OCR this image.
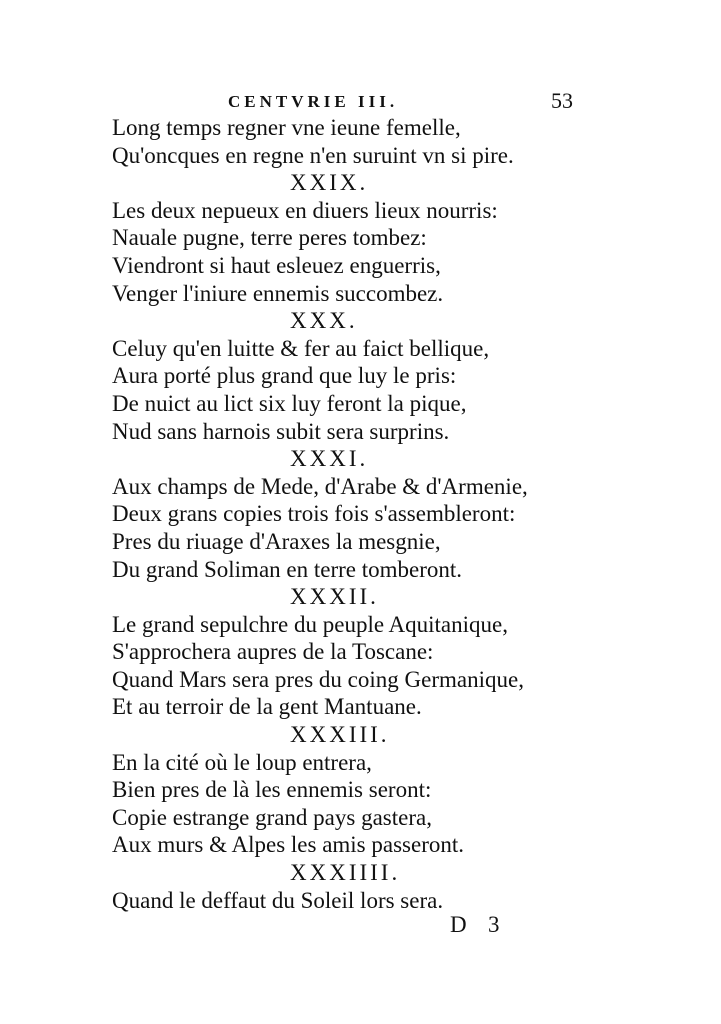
CENTVRIE III.	53
Long temps regner vne ieune femelle,
Qu'oncques en regne n'en suruint vn si pire.
XXIX.
Les deux nepueux en diuers lieux nourris:
Nauale pugne, terre peres tombez:
Viendront si haut esleuez enguerris,
Venger l'iniure ennemis succombez.
XXX.
Celuy qu'en luitte & fer au faict bellique,
Aura porté plus grand que luy le pris:
De nuict au lict six luy feront la pique,
Nud sans harnois subit sera surprins.
XXXI.
Aux champs de Mede, d'Arabe & d'Armenie,
Deux grans copies trois fois s'assembleront:
Pres du riuage d'Araxes la mesgnie,
Du grand Soliman en terre tomberont.
XXXII.
Le grand sepulchre du peuple Aquitanique,
S'approchera aupres de la Toscane:
Quand Mars sera pres du coing Germanique,
Et au terroir de la gent Mantuane.
XXXIII.
En la cité où le loup entrera,
Bien pres de là les ennemis seront:
Copie estrange grand pays gastera,
Aux murs & Alpes les amis passeront.
XXXIIII.
Quand le deffaut du Soleil lors sera.
D 3
